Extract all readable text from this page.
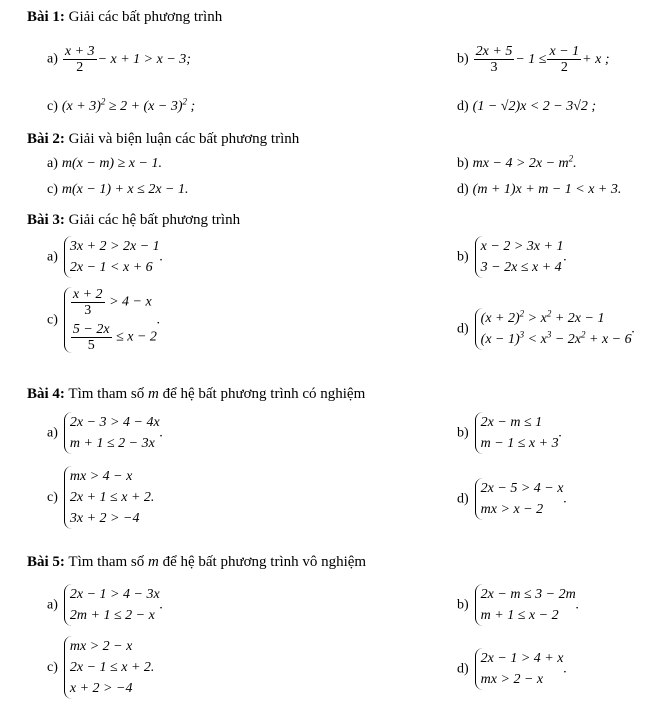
Bài 1: Giải các bất phương trình
$a) \frac{x + 3}{2} - x + 1 > x - 3$;	$b) \frac{2x + 5}{3} - 1 \le \frac{x - 1}{2} + x$ ;
c) $(x + 3)^2 \ge 2 + (x - 3)^2$ ;	d) (1 − √2)x < 2 − 3√2 ;
Bài 2: Giải và biện luận các bất phương trình
a) m(x − m) ≥ x − 1.	b) mx − $4 > 2x - m^2$.
c) m(x − 1) + x ≤ 2x − 1.	d) (m + 1)x + m − 1 < x + 3.
Bài 3: Giải các hệ bất phương trình
a)
3x + 2 > 2x − 1
2x − 1 < x + 6
.	b)
x − 2 > 3x + 1
3 − 2x ≤ x + 4
.
c)
$\frac{x + 2}{3} > 4 - x$
$\frac{5 - 2x}{5} \le x - 2$
.
d)
$(x + 2)^2 > x^2 + 2x - 1$
$(x - 1)^3 < x^3 - 2x^2 + x - 6$
.
Bài 4: Tìm tham số m để hệ bất phương trình có nghiệm
a)
2x − 3 > 4 − 4x
m + 1 ≤ 2 − 3x
.	b)
2x − m ≤ 1
m − 1 ≤ x + 3
.
c)
mx > 4 − x
2x + 1 ≤ x + 2.
3x + 2 > −4
d)
2x − 5 > 4 − x
mx > x − 2
.
Bài 5: Tìm tham số m để hệ bất phương trình vô nghiệm
a)
2x − 1 > 4 − 3x
2m + 1 ≤ 2 − x
.	b)
2x − m ≤ 3 − 2m
m + 1 ≤ x − 2
.
c)
mx > 2 − x
2x − 1 ≤ x + 2.
x + 2 > −4
d)
2x − 1 > 4 + x
mx > 2 − x
.
